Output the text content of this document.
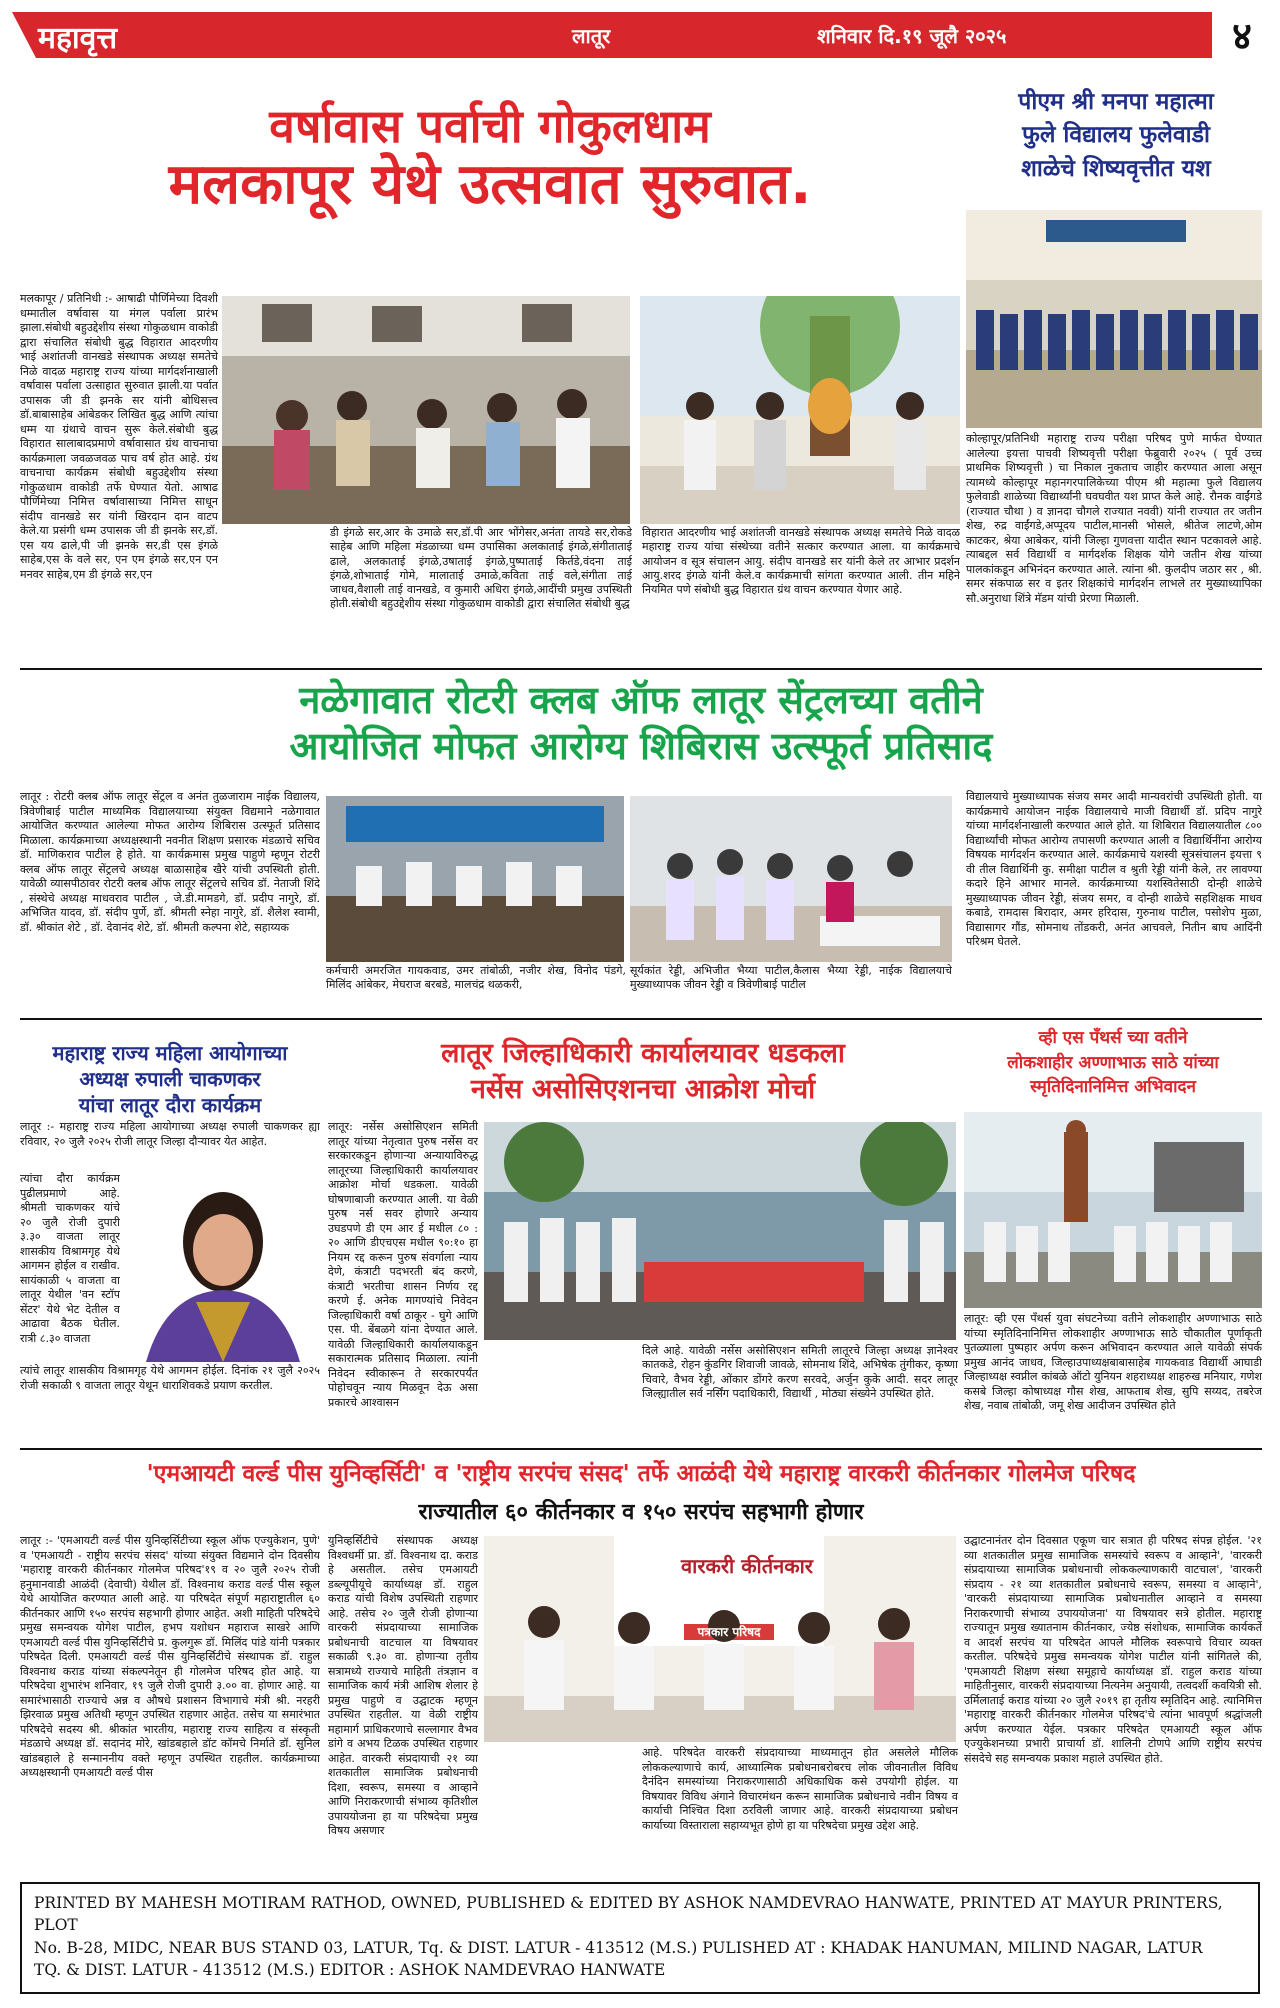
महावृत्त	लातूर	शनिवार दि.१९ जूलै २०२५	४
वर्षावास पर्वाची गोकुलधाम
मलकापूर येथे उत्सवात सुरुवात.
मलकापूर / प्रतिनिधी :- आषाढी पौर्णिमेच्या दिवशी धम्मातील वर्षावास या मंगल पर्वाला प्रारंभ झाला.संबोधी बहुउद्देशीय संस्था गोकुळधाम वाकोडी द्वारा संचालित संबोधी बुद्ध विहारात आदरणीय भाई अशांतजी वानखडे संस्थापक अध्यक्ष समतेचे निळे वादळ महाराष्ट्र राज्य यांच्या मार्गदर्शनाखाली वर्षावास पर्वाला उत्साहात सुरुवात झाली.या पर्वात उपासक जी डी झनके सर यांनी बोधिसत्त्व डॉ.बाबासाहेब आंबेडकर लिखित बुद्ध आणि त्यांचा धम्म या ग्रंथाचे वाचन सुरू केले.संबोधी बुद्ध विहारात सालाबादप्रमाणे वर्षावासात ग्रंथ वाचनाचा कार्यक्रमाला जवळजवळ पाच वर्ष होत आहे. ग्रंथ वाचनाचा कार्यक्रम संबोधी बहुउद्देशीय संस्था गोकुळधाम वाकोडी तर्फे घेण्यात येतो. आषाढ पौर्णिमेच्या निमित्त वर्षावासाच्या निमित्त साधून संदीप वानखडे सर यांनी खिरदान दान वाटप केले.या प्रसंगी धम्म उपासक जी डी झनके सर,डॉ. एस यय ढाले,पी जी झनके सर,डी एस इंगळे साहेब,एस के वले सर, एन एम इंगळे सर,एन एन मनवर साहेब,एम डी इंगळे सर,एन
डी इंगळे सर,आर के उमाळे सर,डॉ.पी आर भोंगेसर,अनंता तायडे सर,रोकडे साहेब आणि महिला मंडळाच्या धम्म उपासिका अलकाताई इंगळे,संगीताताई ढाले, अलकाताई इंगळे,उषाताई इंगळे,पुष्पाताई किर्तडे,वंदना ताई इंगळे,शोभाताई गोमे, मालाताई उमाळे,कविता ताई वले,संगीता ताई जाधव,वैशाली ताई वानखडे, व कुमारी अधिरा इंगळे,आदींची प्रमुख उपस्थिती होती.संबोधी बहुउद्देशीय संस्था गोकुळधाम वाकोडी द्वारा संचालित संबोधी बुद्ध
विहारात आदरणीय भाई अशांतजी वानखडे संस्थापक अध्यक्ष समतेचे निळे वादळ महाराष्ट्र राज्य यांचा संस्थेच्या वतीने सत्कार करण्यात आला. या कार्यक्रमाचे आयोजन व सूत्र संचालन आयु. संदीप वानखडे सर यांनी केले तर आभार प्रदर्शन आयु.शरद इंगळे यांनी केले.व कार्यक्रमाची सांगता करण्यात आली. तीन महिने नियमित पणे संबोधी बुद्ध विहारात ग्रंथ वाचन करण्यात येणार आहे.
पीएम श्री मनपा महात्मा
फुले विद्यालय फुलेवाडी
शाळेचे शिष्यवृत्तीत यश
कोल्हापूर/प्रतिनिधी महाराष्ट्र राज्य परीक्षा परिषद पुणे मार्फत घेण्यात आलेल्या इयत्ता पाचवी शिष्यवृत्ती परीक्षा फेब्रुवारी २०२५ ( पूर्व उच्च प्राथमिक शिष्यवृत्ती ) चा निकाल नुकताच जाहीर करण्यात आला असून त्यामध्ये कोल्हापूर महानगरपालिकेच्या पीएम श्री महात्मा फुले विद्यालय फुलेवाडी शाळेच्या विद्यार्थ्यांनी घवघवीत यश प्राप्त केले आहे. रौनक वाईंगडे (राज्यात चौथा ) व ज्ञानदा चौगले राज्यात नववी) यांनी राज्यात तर जतीन शेख, रुद्र वाईंगडे,अप्पूदय पाटील,मानसी भोसले, श्रीतेज लाटणे,ओम काटकर, श्रेया आबेकर, यांनी जिल्हा गुणवत्ता यादीत स्थान पटकावले आहे. त्याबद्दल सर्व विद्यार्थी व मार्गदर्शक शिक्षक योगे जतीन शेख यांच्या पालकांकडून अभिनंदन करण्यात आले. त्यांना श्री. कुलदीप जठार सर , श्री. समर संकपाळ सर व इतर शिक्षकांचे मार्गदर्शन लाभले तर मुख्याध्यापिका सौ.अनुराधा शिंत्रे मॅडम यांची प्रेरणा मिळाली.
नळेगावात रोटरी क्लब ऑफ लातूर सेंट्रलच्या वतीने
आयोजित मोफत आरोग्य शिबिरास उत्स्फूर्त प्रतिसाद
लातूर : रोटरी क्लब ऑफ लातूर सेंट्रल व अनंत तुळजाराम नाईक विद्यालय, त्रिवेणीबाई पाटील माध्यमिक विद्यालयाच्या संयुक्त विद्यमाने नळेगावात आयोजित करण्यात आलेल्या मोफत आरोग्य शिबिरास उत्स्फूर्त प्रतिसाद मिळाला. कार्यक्रमाच्या अध्यक्षस्थानी नवनीत शिक्षण प्रसारक मंडळाचे सचिव डॉ. माणिकराव पाटील हे होते. या कार्यक्रमास प्रमुख पाहुणे म्हणून रोटरी क्लब ऑफ लातूर सेंट्रलचे अध्यक्ष बाळासाहेब खैरे यांची उपस्थिती होती. यावेळी व्यासपीठावर रोटरी क्लब ऑफ लातूर सेंट्रलचे सचिव डॉ. नेताजी शिंदे , संस्थेचे अध्यक्ष माधवराव पाटील , जे.डी.मामडगे, डॉ. प्रदीप नागुरे, डॉ. अभिजित यादव, डॉ. संदीप पुर्णे, डॉ. श्रीमती स्नेहा नागुरे, डॉ. शैलेश स्वामी, डॉ. श्रीकांत शेटे , डॉ. देवानंद शेटे, डॉ. श्रीमती कल्पना शेटे, सहाय्यक
कर्मचारी अमरजित गायकवाड, उमर तांबोळी, नजीर शेख, विनोद पंडगे, मिलिंद आंबेकर, मेघराज बरबडे, मालचंद्र थळकरी,
सूर्यकांत रेड्डी, अभिजीत भैय्या पाटील,कैलास भैय्या रेड्डी, नाईक विद्यालयाचे मुख्याध्यापक जीवन रेड्डी व त्रिवेणीबाई पाटील
विद्यालयाचे मुख्याध्यापक संजय समर आदी मान्यवरांची उपस्थिती होती. या कार्यक्रमाचे आयोजन नाईक विद्यालयाचे माजी विद्यार्थी डॉ. प्रदिप नागुरे यांच्या मार्गदर्शनाखाली करण्यात आले होते. या शिबिरात विद्यालयातील ८०० विद्यार्थ्यांची मोफत आरोग्य तपासणी करण्यात आली व विद्यार्थिनींना आरोग्य विषयक मार्गदर्शन करण्यात आले. कार्यक्रमाचे यशस्वी सूत्रसंचालन इयत्ता ९ वी तील विद्यार्थिनी कु. समीक्षा पाटील व श्रुती रेड्डी यांनी केले, तर लावण्या कदारे हिने आभार मानले. कार्यक्रमाच्या यशस्वितेसाठी दोन्ही शाळेचे मुख्याध्यापक जीवन रेड्डी, संजय समर, व दोन्ही शाळेचे सहशिक्षक माधव कबाडे, रामदास बिरादार, अमर हरिदास, गुरुनाथ पाटील, पसोशेप मुळा, विद्यासागर गौंड, सोमनाथ तोंडकरी, अनंत आचवले, नितीन बाघ आदिंनी परिश्रम घेतले.
महाराष्ट्र राज्य महिला आयोगाच्या
अध्यक्ष रुपाली चाकणकर
यांचा लातूर दौरा कार्यक्रम
लातूर :- महाराष्ट्र राज्य महिला आयोगाच्या अध्यक्ष रुपाली चाकणकर ह्या रविवार, २० जुलै २०२५ रोजी लातूर जिल्हा दौऱ्यावर येत आहेत.
त्यांचा दौरा कार्यक्रम पुढीलप्रमाणे आहे. श्रीमती चाकणकर यांचे २० जुलै रोजी दुपारी ३.३० वाजता लातूर शासकीय विश्रामगृह येथे आगमन होईल व राखीव. सायंकाळी ५ वाजता वा लातूर येथील 'वन स्टॉप सेंटर' येथे भेट देतील व आढावा बैठक घेतील. रात्री ८.३० वाजता
त्यांचे लातूर शासकीय विश्रामगृह येथे आगमन होईल. दिनांक २१ जुलै २०२५ रोजी सकाळी ९ वाजता लातूर येथून धाराशिवकडे प्रयाण करतील.
लातूर जिल्हाधिकारी कार्यालयावर धडकला
नर्सेस असोसिएशनचा आक्रोश मोर्चा
लातूर: नर्सेस असोसिएशन समिती लातूर यांच्या नेतृत्वात पुरुष नर्सेस वर सरकारकडून होणाऱ्या अन्यायाविरुद्ध लातूरच्या जिल्हाधिकारी कार्यालयावर आक्रोश मोर्चा धडकला. यावेळी घोषणाबाजी करण्यात आली. या वेळी पुरुष नर्स सवर होणारे अन्याय उघडपणे डी एम आर ई मधील ८० : २० आणि डीएचएस मधील ९०:१० हा नियम रद्द करून पुरुष संवर्गाला न्याय देणे, कंत्राटी पदभरती बंद करणे, कंत्राटी भरतीचा शासन निर्णय रद्द करणे ई. अनेक मागण्यांचे निवेदन जिल्हाधिकारी वर्षा ठाकूर - घुगे आणि एस. पी. बेंबळगे यांना देण्यात आले. यावेळी जिल्हाधिकारी कार्यालयाकडून सकारात्मक प्रतिसाद मिळाला. त्यांनी निवेदन स्वीकारून ते सरकारपर्यंत पोहोचवून न्याय मिळवून देऊ असा प्रकारचे आश्वासन
दिले आहे. यावेळी नर्सेस असोसिएशन समिती लातूरचे जिल्हा अध्यक्ष ज्ञानेश्वर कातकडे, रोहन कुंडगिर शिवाजी जावळे, सोमनाथ शिंदे, अभिषेक तुंगीकर, कृष्णा चिवारे, वैभव रेड्डी, ओंकार डोंगरे करण सरवदे, अर्जुन कुके आदी. सदर लातूर जिल्ह्यातील सर्व नर्सिंग पदाधिकारी, विद्यार्थी , मोठ्या संख्येने उपस्थित होते.
व्ही एस पँथर्स च्या वतीने
लोकशाहीर अण्णाभाऊ साठे यांच्या
स्मृतिदिनानिमित्त अभिवादन
लातूर: व्ही एस पँथर्स युवा संघटनेच्या वतीने लोकशाहीर अण्णाभाऊ साठे यांच्या स्मृतिदिनानिमित्त लोकशाहीर अण्णाभाऊ साठे चौकातील पूर्णाकृती पुतळ्याला पुष्पहार अर्पण करून अभिवादन करण्यात आले यावेळी संपर्क प्रमुख आनंद जाधव, जिल्हाउपाध्यक्षबाबासाहेब गायकवाड विद्यार्थी आघाडी जिल्हाध्यक्ष स्वप्नील कांबळे ऑटो युनियन शहराध्यक्ष शाहरुख मनियार, गणेश कसबे जिल्हा कोषाध्यक्ष गौस शेख, आफताब शेख, सुपि सय्यद, तबरेज शेख, नवाब तांबोळी, जमू शेख आदीजन उपस्थित होते
'एमआयटी वर्ल्ड पीस युनिव्हर्सिटी' व 'राष्ट्रीय सरपंच संसद' तर्फे आळंदी येथे महाराष्ट्र वारकरी कीर्तनकार गोलमेज परिषद
राज्यातील ६० कीर्तनकार व १५० सरपंच सहभागी होणार
लातूर :- 'एमआयटी वर्ल्ड पीस युनिव्हर्सिटीच्या स्कूल ऑफ एज्युकेशन, पुणे' व 'एमआयटी - राष्ट्रीय सरपंच संसद' यांच्या संयुक्त विद्यमाने दोन दिवसीय 'महाराष्ट्र वारकरी कीर्तनकार गोलमेज परिषद'१९ व २० जुलै २०२५ रोजी हनुमानवाडी आळंदी (देवाची) येथील डॉ. विश्वनाथ कराड वर्ल्ड पीस स्कूल येथे आयोजित करण्यात आली आहे. या परिषदेत संपूर्ण महाराष्ट्रातील ६० कीर्तनकार आणि १५० सरपंच सहभागी होणार आहेत. अशी माहिती परिषदेचे प्रमुख समन्वयक योगेश पाटील, हभप यशोधन महाराज साखरे आणि एमआयटी वर्ल्ड पीस युनिव्हर्सिटीचे प्र. कुलगुरू डॉ. मिलिंद पांडे यांनी पत्रकार परिषदेत दिली. एमआयटी वर्ल्ड पीस युनिव्हर्सिटीचे संस्थापक डॉ. राहुल विश्वनाथ कराड यांच्या संकल्पनेतून ही गोलमेज परिषद होत आहे. या परिषदेचा शुभारंभ शनिवार, १९ जुलै रोजी दुपारी ३.०० वा. होणार आहे. या समारंभासाठी राज्याचे अन्न व औषधे प्रशासन विभागाचे मंत्री श्री. नरहरी झिरवाळ प्रमुख अतिथी म्हणून उपस्थित राहणार आहेत. तसेच या समारंभात परिषदेचे सदस्य श्री. श्रीकांत भारतीय, महाराष्ट्र राज्य साहित्य व संस्कृती मंडळाचे अध्यक्ष डॉ. सदानंद मोरे, खांडबहाले डॉट कॉमचे निर्माते डॉ. सुनिल खांडबहाले हे सन्माननीय वक्ते म्हणून उपस्थित राहतील. कार्यक्रमाच्या अध्यक्षस्थानी एमआयटी वर्ल्ड पीस
युनिव्हर्सिटीचे संस्थापक अध्यक्ष विश्वधर्मी प्रा. डॉ. विश्वनाथ दा. कराड हे असतील. तसेच एमआयटी डब्ल्यूपीयूचे कार्याध्यक्ष डॉ. राहुल कराड यांची विशेष उपस्थिती राहणार आहे. तसेच २० जुलै रोजी होणाऱ्या वारकरी संप्रदायाच्या सामाजिक प्रबोधनाची वाटचाल या विषयावर सकाळी ९.३० वा. होणाऱ्या तृतीय सत्रामध्ये राज्याचे माहिती तंत्रज्ञान व सामाजिक कार्य मंत्री आशिष शेलार हे प्रमुख पाहुणे व उद्घाटक म्हणून उपस्थित राहतील. या वेळी राष्ट्रीय महामार्ग प्राधिकरणाचे सल्लागार वैभव डांगे व अभय टिळक उपस्थित राहणार आहेत. वारकरी संप्रदायाची २१ व्या शतकातील सामाजिक प्रबोधनाची दिशा, स्वरूप, समस्या व आव्हाने आणि निराकरणाची संभाव्य कृतिशील उपाययोजना हा या परिषदेचा प्रमुख विषय असणार
वारकरी कीर्तनकार
पत्रकार परिषद
आहे. परिषदेत वारकरी संप्रदायाच्या माध्यमातून होत असलेले मौलिक लोककल्याणाचे कार्य, आध्यात्मिक प्रबोधनाबरोबरच लोक जीवनातील विविध दैनंदिन समस्यांच्या निराकरणासाठी अधिकाधिक कसे उपयोगी होईल. या विषयावर विविध अंगाने विचारमंथन करून सामाजिक प्रबोधनाचे नवीन विषय व कार्याची निश्चित दिशा ठरविली जाणार आहे. वारकरी संप्रदायाच्या प्रबोधन कार्याच्या विस्ताराला सहाय्यभूत होणे हा या परिषदेचा प्रमुख उद्देश आहे.
उद्घाटनानंतर दोन दिवसात एकूण चार सत्रात ही परिषद संपन्न होईल. '२१ व्या शतकातील प्रमुख सामाजिक समस्यांचे स्वरूप व आव्हाने', 'वारकरी संप्रदायाच्या सामाजिक प्रबोधनाची लोककल्याणकारी वाटचाल', 'वारकरी संप्रदाय - २१ व्या शतकातील प्रबोधनाचे स्वरूप, समस्या व आव्हाने', 'वारकरी संप्रदायाच्या सामाजिक प्रबोधनातील आव्हाने व समस्या निराकरणाची संभाव्य उपाययोजना' या विषयावर सत्रे होतील. महाराष्ट्र राज्यातून प्रमुख ख्यातनाम कीर्तनकार, ज्येष्ठ संशोधक, सामाजिक कार्यकर्ते व आदर्श सरपंच या परिषदेत आपले मौलिक स्वरूपाचे विचार व्यक्त करतील. परिषदेचे प्रमुख समन्वयक योगेश पाटील यांनी सांगितले की, 'एमआयटी शिक्षण संस्था समूहाचे कार्याध्यक्ष डॉ. राहुल कराड यांच्या माहितीनुसार, वारकरी संप्रदायाच्या नित्यनेम अनुयायी, तत्वदर्शी कवयित्री सौ. उर्मिलाताई कराड यांच्या २० जुलै २०१९ हा तृतीय स्मृतिदिन आहे. त्यानिमित्त 'महाराष्ट्र वारकरी कीर्तनकार गोलमेज परिषद'चे त्यांना भावपूर्ण श्रद्धांजली अर्पण करण्यात येईल. पत्रकार परिषदेत एमआयटी स्कूल ऑफ एज्युकेशनच्या प्रभारी प्राचार्या डॉ. शालिनी टोणपे आणि राष्ट्रीय सरपंच संसदेचे सह समन्वयक प्रकाश महाले उपस्थित होते.

PRINTED BY MAHESH MOTIRAM RATHOD, OWNED, PUBLISHED & EDITED BY ASHOK NAMDEVRAO HANWATE, PRINTED AT MAYUR PRINTERS, PLOT

No. B-28, MIDC, NEAR BUS STAND 03, LATUR, Tq. & DIST. LATUR - 413512 (M.S.) PULISHED AT : KHADAK HANUMAN, MILIND NAGAR, LATUR

TQ. & DIST. LATUR - 413512 (M.S.) EDITOR : ASHOK NAMDEVRAO HANWATE
